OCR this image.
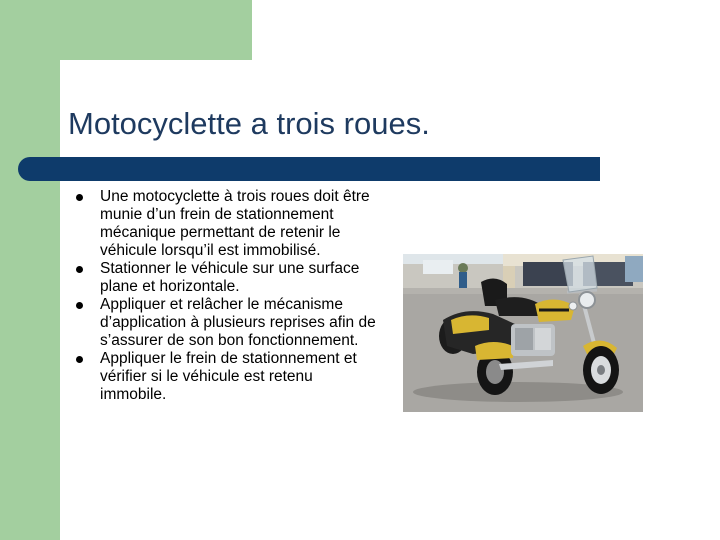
Motocyclette a trois roues.
Une motocyclette à trois roues doit être munie d’un frein de stationnement mécanique permettant de retenir le véhicule lorsqu’il est immobilisé.
Stationner le véhicule sur une surface plane et horizontale.
Appliquer et relâcher le mécanisme d’application à plusieurs reprises afin de s’assurer de son bon fonctionnement.
Appliquer le frein de stationnement et vérifier si le véhicule est retenu immobile.
